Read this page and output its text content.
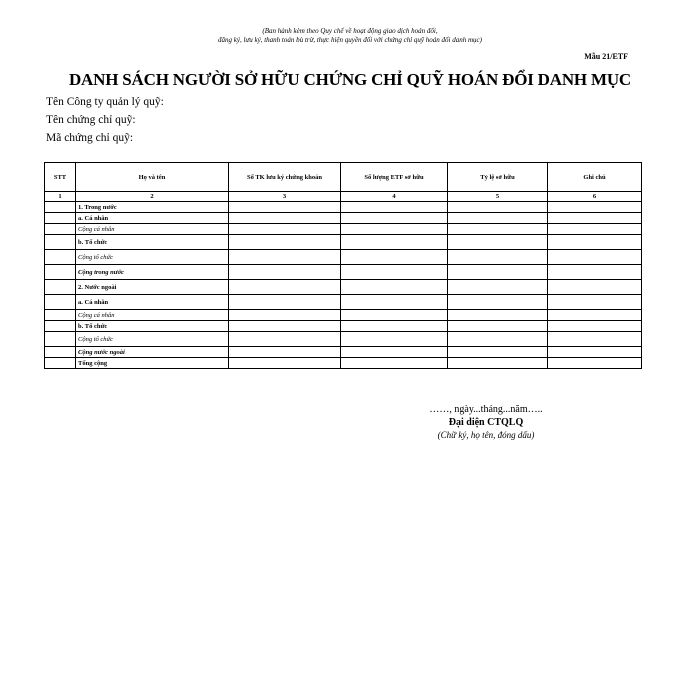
(Ban hành kèm theo Quy chế về hoạt động giao dịch hoán đổi,
đăng ký, lưu ký, thanh toán bù trừ, thực hiện quyền đối với chứng chỉ quỹ hoán đổi danh mục)
Mẫu 21/ETF
DANH SÁCH NGƯỜI SỞ HỮU CHỨNG CHỈ QUỸ HOÁN ĐỔI DANH MỤC
Tên Công ty quản lý quỹ:
Tên chứng chỉ quỹ:
Mã chứng chỉ quỹ:
STT	Họ và tên	Số TK lưu ký chứng khoán	Số lượng ETF sở hữu	Tỷ lệ sở hữu	Ghi chú
1	2	3	4	5	6
	1. Trong nước				
	a. Cá nhân				
	Cộng cá nhân				
	b. Tổ chức				
	Cộng tổ chức				
	Cộng trong nước				
	2. Nước ngoài				
	a. Cá nhân				
	Cộng cá nhân				
	b. Tổ chức				
	Cộng tổ chức				
	Cộng nước ngoài				
	Tổng cộng				
……, ngày...tháng...năm…..
Đại diện CTQLQ
(Chữ ký, họ tên, đóng dấu)
